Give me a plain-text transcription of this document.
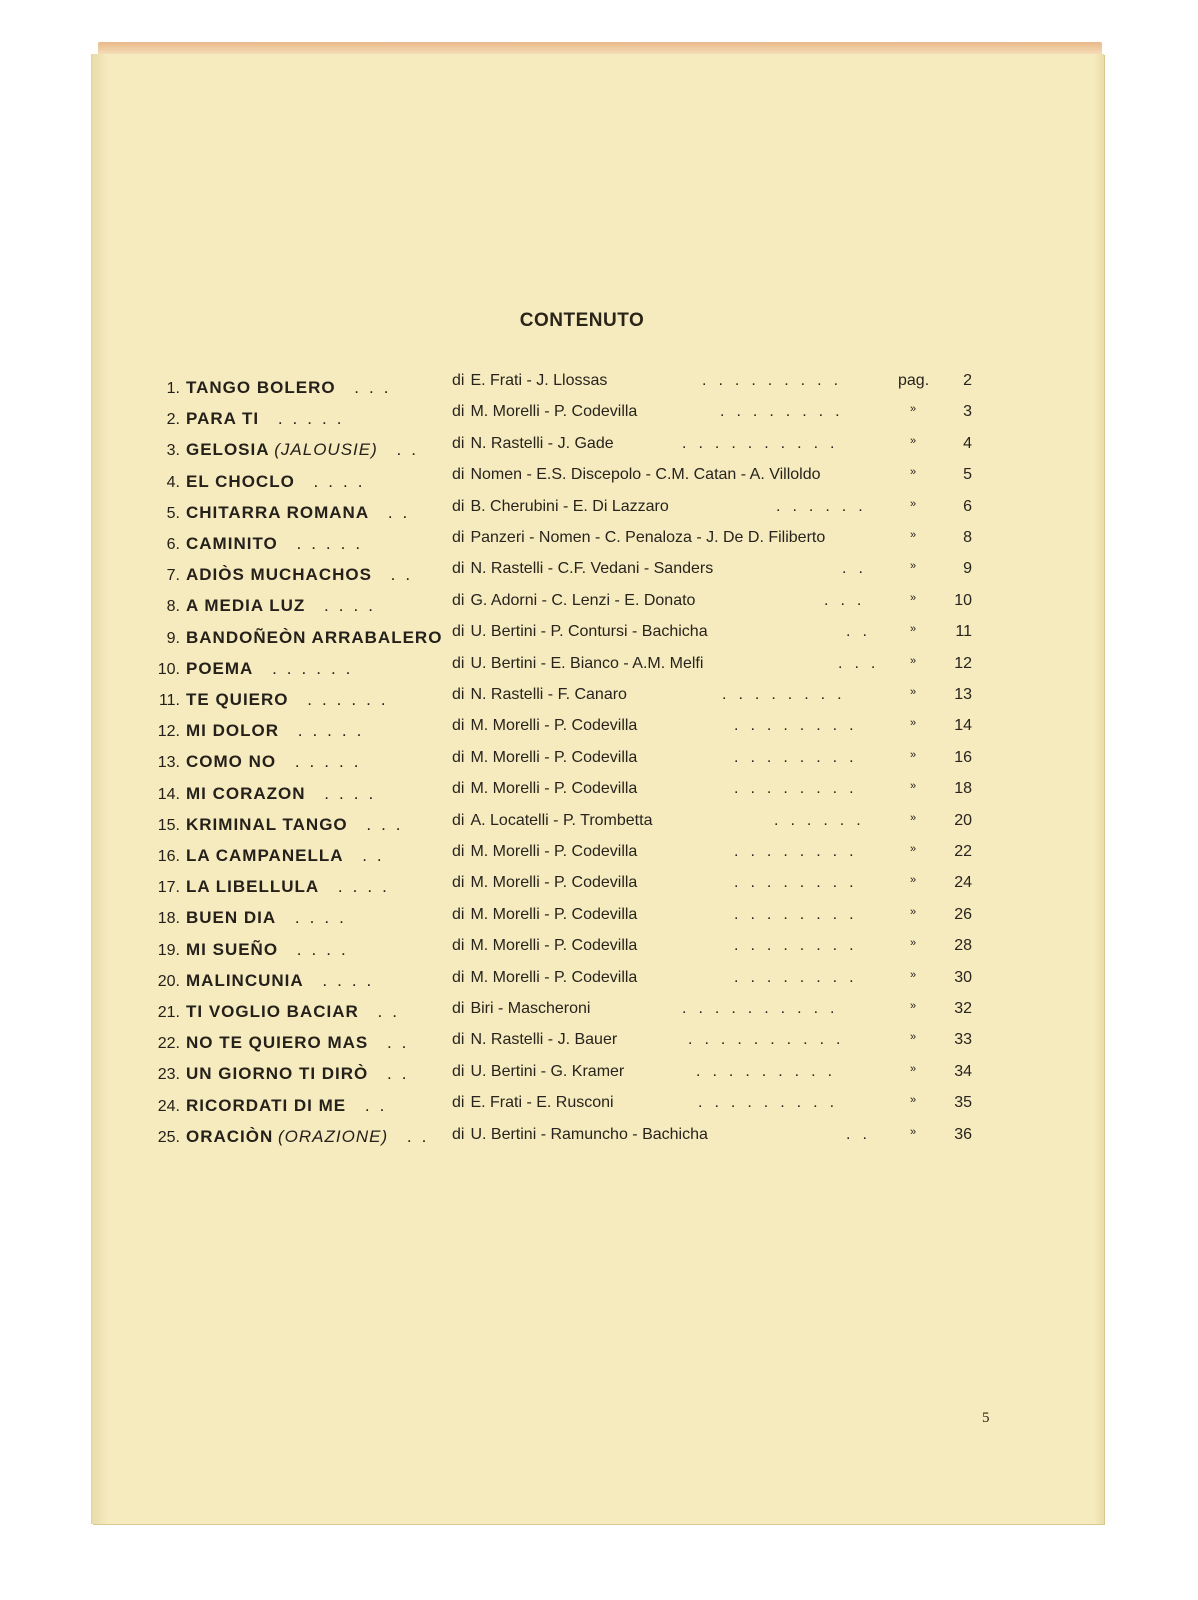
CONTENUTO
1. TANGO BOLERO ...	di E. Frati - J. Llossas	.........	pag.	2
2. PARA TI .....	di M. Morelli - P. Codevilla	........	»	3
3. GELOSIA (JALOUSIE) ..	di N. Rastelli - J. Gade	..........	»	4
4. EL CHOCLO ....	di Nomen - E.S. Discepolo - C.M. Catan - A. Villoldo	»	5
5. CHITARRA ROMANA ..	di B. Cherubini - E. Di Lazzaro	......	»	6
6. CAMINITO .....	di Panzeri - Nomen - C. Penaloza - J. De D. Filiberto	»	8
7. ADIÒS MUCHACHOS ..	di N. Rastelli - C.F. Vedani - Sanders	..	»	9
8. A MEDIA LUZ ....	di G. Adorni - C. Lenzi - E. Donato	...	»	10
9. BANDOÑEÒN ARRABALERO di U. Bertini - P. Contursi - Bachicha	..	»	11
10. POEMA ......	di U. Bertini - E. Bianco - A.M. Melfi	... »	12
11. TE QUIERO ......	di N. Rastelli - F. Canaro	........	»	13
12. MI DOLOR .....	di M. Morelli - P. Codevilla	........	»	14
13. COMO NO .....	di M. Morelli - P. Codevilla	........	»	16
14. MI CORAZON ....	di M. Morelli - P. Codevilla	........	»	18
15. KRIMINAL TANGO ...	di A. Locatelli - P. Trombetta	......	»	20
16. LA CAMPANELLA ..	di M. Morelli - P. Codevilla	........	»	22
17. LA LIBELLULA ....	di M. Morelli - P. Codevilla	........	»	24
18. BUEN DIA ....	di M. Morelli - P. Codevilla	........	»	26
19. MI SUEÑO ....	di M. Morelli - P. Codevilla	........	»	28
20. MALINCUNIA ....	di M. Morelli - P. Codevilla	........	»	30
21. TI VOGLIO BACIAR ..	di Biri - Mascheroni	..........	»	32
22. NO TE QUIERO MAS ..	di N. Rastelli - J. Bauer	..........	»	33
23. UN GIORNO TI DIRÒ ..	di U. Bertini - G. Kramer	.........	»	34
24. RICORDATI DI ME ..	di E. Frati - E. Rusconi	.........	»	35
25. ORACIÒN (ORAZIONE) .. di U. Bertini - Ramuncho - Bachicha	..	»	36
5
